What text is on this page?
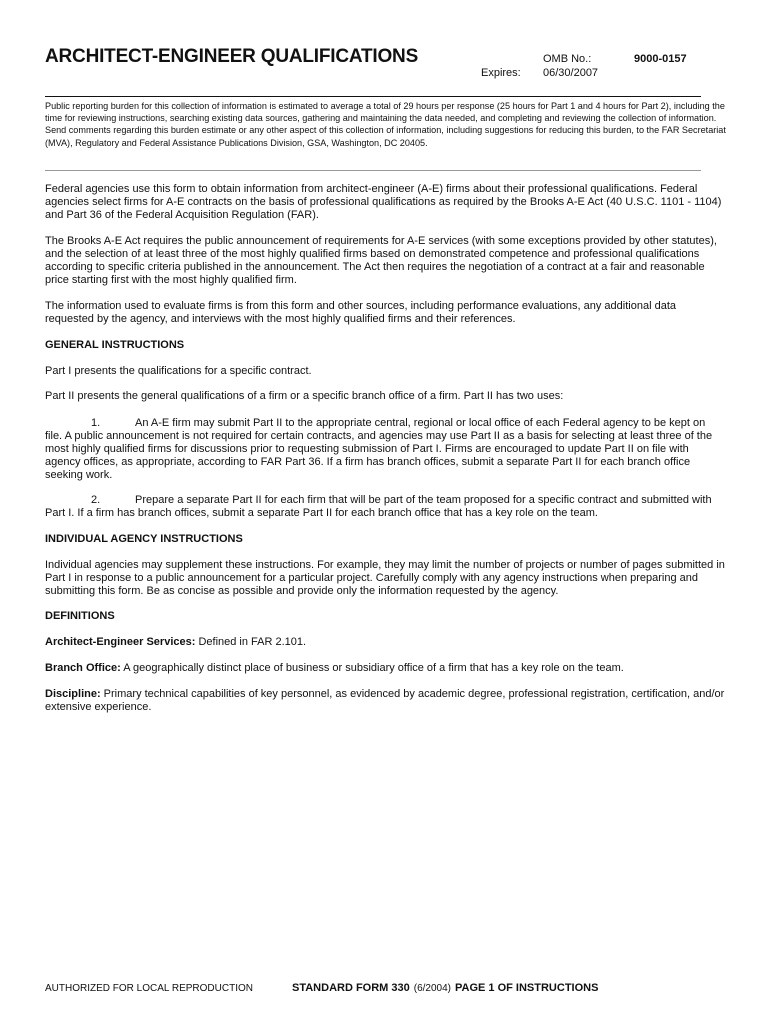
ARCHITECT-ENGINEER QUALIFICATIONS	OMB No.:	9000-0157
Expires: 06/30/2007

Public reporting burden for this collection of information is estimated to average a total of 29 hours per response (25 hours for Part 1 and 4 hours for Part 2), including the time for reviewing instructions, searching existing data sources, gathering and maintaining the data needed, and completing and reviewing the collection of information. Send comments regarding this burden estimate or any other aspect of this collection of information, including suggestions for reducing this burden, to the FAR Secretariat (MVA), Regulatory and Federal Assistance Publications Division, GSA, Washington, DC 20405.

Federal agencies use this form to obtain information from architect-engineer (A-E) firms about their professional qualifications. Federal agencies select firms for A-E contracts on the basis of professional qualifications as required by the Brooks A-E Act (40 U.S.C. 1101 - 1104) and Part 36 of the Federal Acquisition Regulation (FAR).

The Brooks A-E Act requires the public announcement of requirements for A-E services (with some exceptions provided by other statutes), and the selection of at least three of the most highly qualified firms based on demonstrated competence and professional qualifications according to specific criteria published in the announcement. The Act then requires the negotiation of a contract at a fair and reasonable price starting first with the most highly qualified firm.

The information used to evaluate firms is from this form and other sources, including performance evaluations, any additional data requested by the agency, and interviews with the most highly qualified firms and their references.

GENERAL INSTRUCTIONS

Part I presents the qualifications for a specific contract.

Part II presents the general qualifications of a firm or a specific branch office of a firm. Part II has two uses:

1.	An A-E firm may submit Part II to the appropriate central, regional or local office of each Federal agency to be kept on file. A public announcement is not required for certain contracts, and agencies may use Part II as a basis for selecting at least three of the most highly qualified firms for discussions prior to requesting submission of Part I. Firms are encouraged to update Part II on file with agency offices, as appropriate, according to FAR Part 36. If a firm has branch offices, submit a separate Part II for each branch office seeking work.

2.	Prepare a separate Part II for each firm that will be part of the team proposed for a specific contract and submitted with Part I. If a firm has branch offices, submit a separate Part II for each branch office that has a key role on the team.

INDIVIDUAL AGENCY INSTRUCTIONS

Individual agencies may supplement these instructions. For example, they may limit the number of projects or number of pages submitted in Part I in response to a public announcement for a particular project. Carefully comply with any agency instructions when preparing and submitting this form. Be as concise as possible and provide only the information requested by the agency.

DEFINITIONS

Architect-Engineer Services: Defined in FAR 2.101.

Branch Office: A geographically distinct place of business or subsidiary office of a firm that has a key role on the team.

Discipline: Primary technical capabilities of key personnel, as evidenced by academic degree, professional registration, certification, and/or extensive experience.

AUTHORIZED FOR LOCAL REPRODUCTION	STANDARD FORM 330 (6/2004) PAGE 1 OF INSTRUCTIONS
